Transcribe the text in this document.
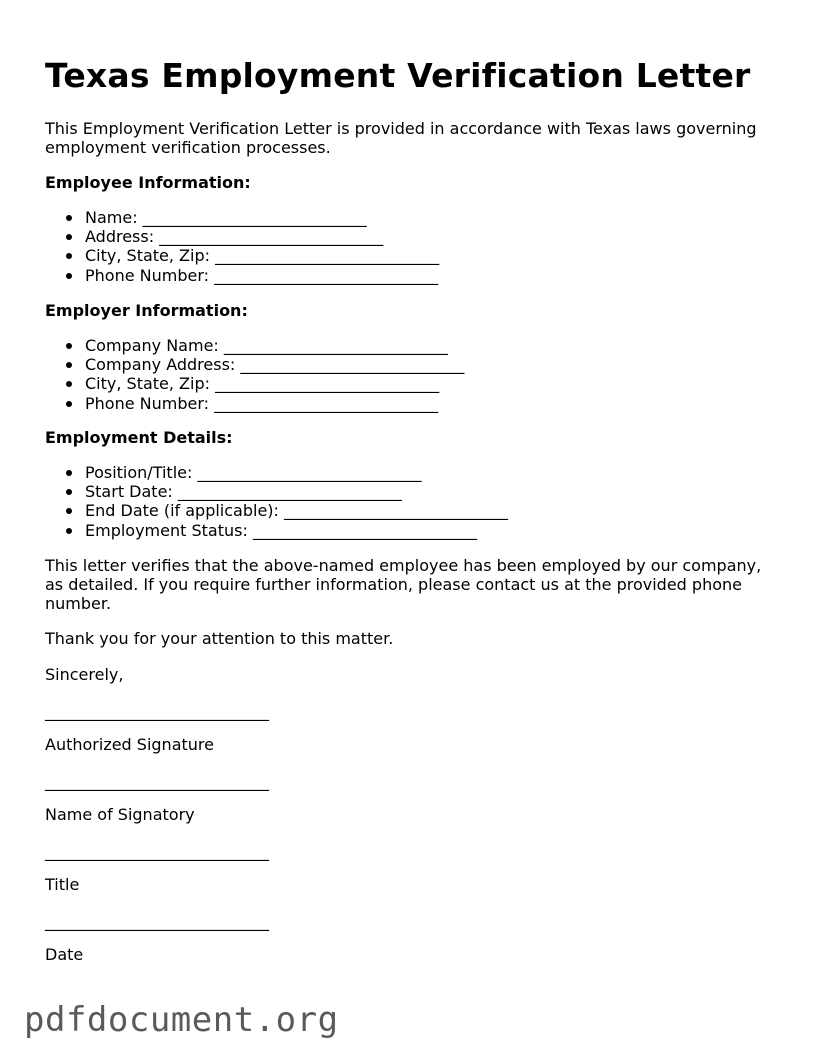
Texas Employment Verification Letter

This Employment Verification Letter is provided in accordance with Texas laws governing employment verification processes.

Employee Information:

Name: ____________________________
Address: ____________________________
City, State, Zip: ____________________________
Phone Number: ____________________________

Employer Information:

Company Name: ____________________________
Company Address: ____________________________
City, State, Zip: ____________________________
Phone Number: ____________________________

Employment Details:

Position/Title: ____________________________
Start Date: ____________________________
End Date (if applicable): ____________________________
Employment Status: ____________________________

This letter verifies that the above-named employee has been employed by our company, as detailed. If you require further information, please contact us at the provided phone number.

Thank you for your attention to this matter.

Sincerely,

____________________________
Authorized Signature
____________________________
Name of Signatory
____________________________
Title
____________________________
Date
pdfdocument.org
